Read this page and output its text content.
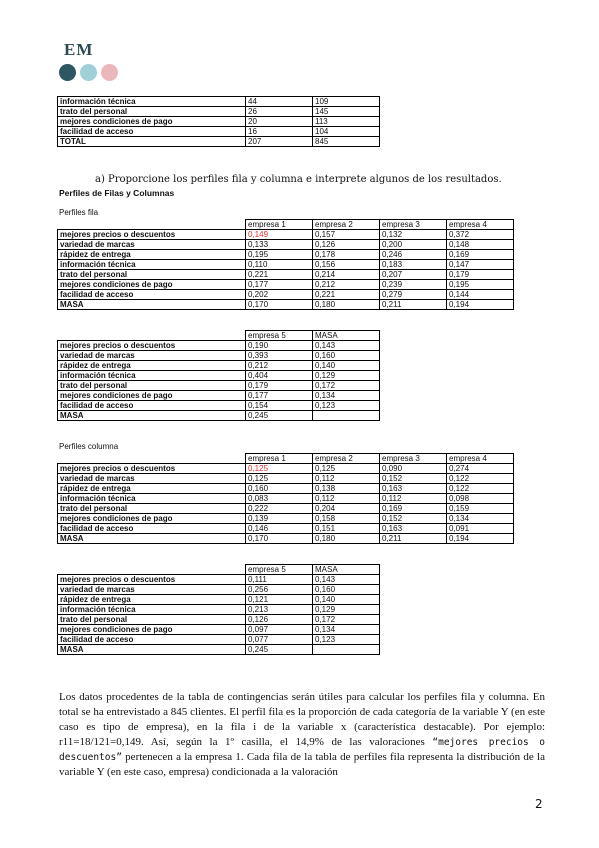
EM
información técnica	44	109
trato del personal	26	145
mejores condiciones de pago	20	113
facilidad de acceso	16	104
TOTAL	207	845
a) Proporcione los perfiles fila y columna e interprete algunos de los resultados.
Perfiles de Filas y Columnas
Perfiles fila
	empresa 1	empresa 2	empresa 3	empresa 4
mejores precios o descuentos	0,149	0,157	0,132	0,372
variedad de marcas	0,133	0,126	0,200	0,148
rápidez de entrega	0,195	0,178	0,246	0,169
información técnica	0,110	0,156	0,183	0,147
trato del personal	0,221	0,214	0,207	0,179
mejores condiciones de pago	0,177	0,212	0,239	0,195
facilidad de acceso	0,202	0,221	0,279	0,144
MASA	0,170	0,180	0,211	0,194
	empresa 5	MASA
mejores precios o descuentos	0,190	0,143
variedad de marcas	0,393	0,160
rápidez de entrega	0,212	0,140
información técnica	0,404	0,129
trato del personal	0,179	0,172
mejores condiciones de pago	0,177	0,134
facilidad de acceso	0,154	0,123
MASA	0,245	
Perfiles columna
	empresa 1	empresa 2	empresa 3	empresa 4
mejores precios o descuentos	0,125	0,125	0,090	0,274
variedad de marcas	0,125	0,112	0,152	0,122
rápidez de entrega	0,160	0,138	0,163	0,122
información técnica	0,083	0,112	0,112	0,098
trato del personal	0,222	0,204	0,169	0,159
mejores condiciones de pago	0,139	0,158	0,152	0,134
facilidad de acceso	0,146	0,151	0,163	0,091
MASA	0,170	0,180	0,211	0,194
	empresa 5	MASA
mejores precios o descuentos	0,111	0,143
variedad de marcas	0,256	0,160
rápidez de entrega	0,121	0,140
información técnica	0,213	0,129
trato del personal	0,126	0,172
mejores condiciones de pago	0,097	0,134
facilidad de acceso	0,077	0,123
MASA	0,245	
Los datos procedentes de la tabla de contingencias serán útiles para calcular los perfiles fila y columna. En total se ha entrevistado a 845 clientes. El perfil fila es la proporción de cada categoría de la variable Y (en este caso es tipo de empresa), en la fila i de la variable x (característica destacable). Por ejemplo: r11=18/121=0,149. Así, según la 1º casilla, el 14,9% de las valoraciones “mejores precios o descuentos” pertenecen a la empresa 1. Cada fila de la tabla de perfiles fila representa la distribución de la variable Y (en este caso, empresa) condicionada a la valoración
2
